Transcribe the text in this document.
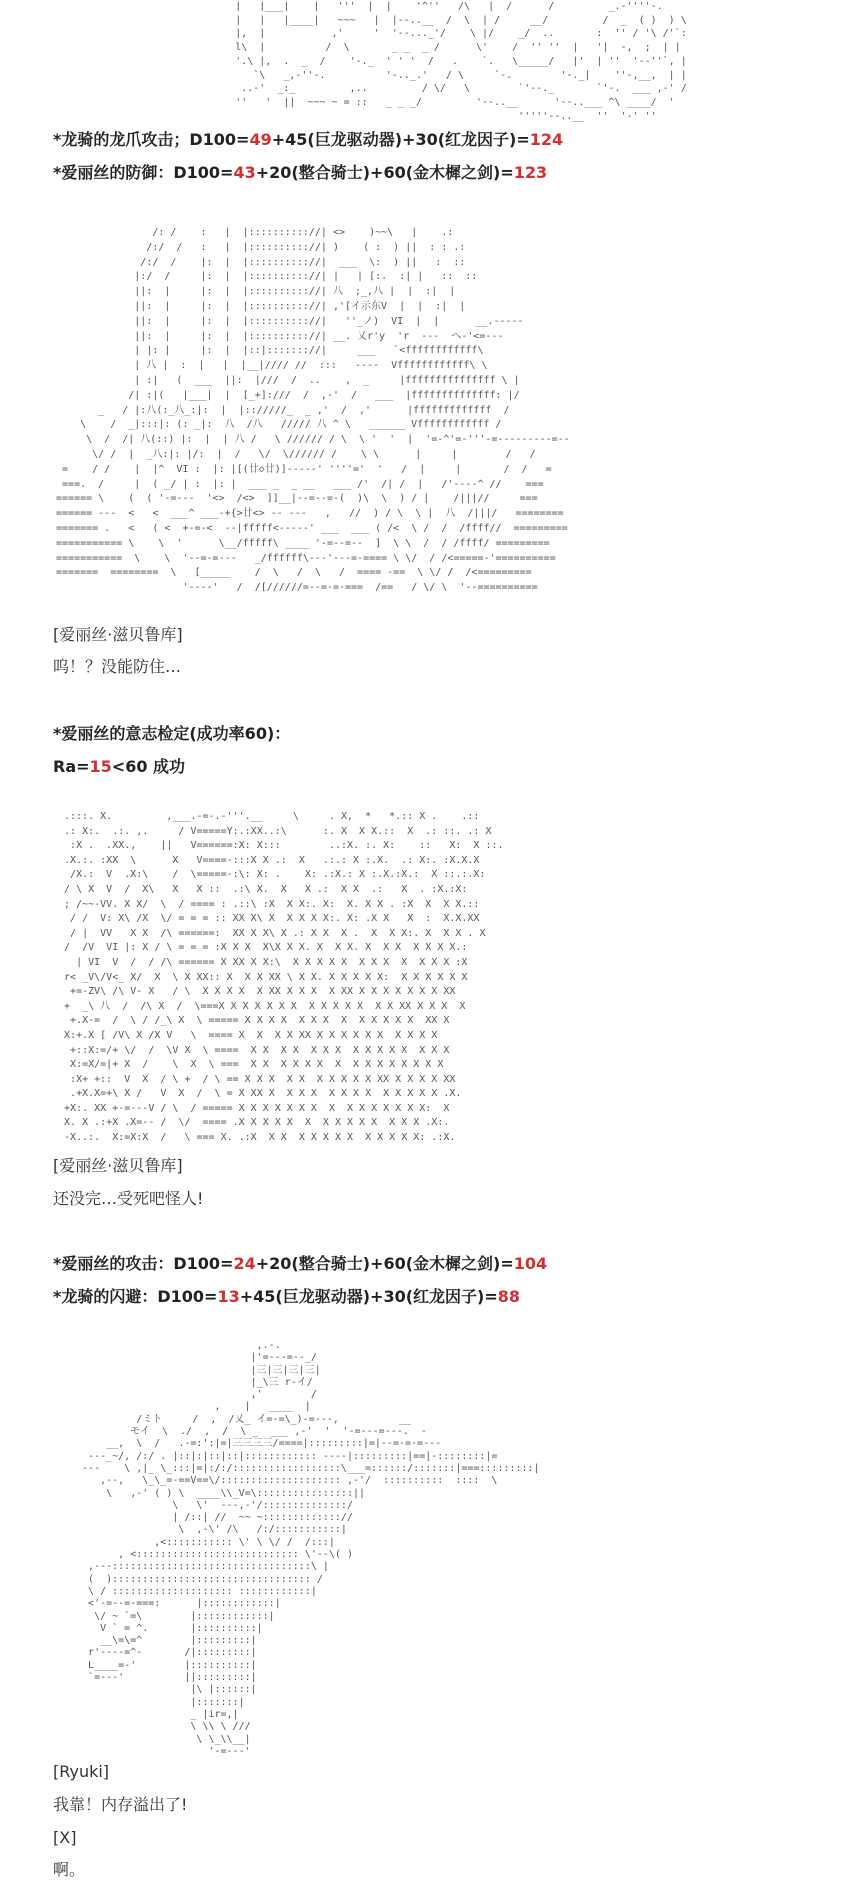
|   |___|    |   '''  |  |    '^''   /\   |  /      /         _.-''''-.
|   |   |____|   ~~~   |  |--..__  /  \  | /     __/         /  _  ( )  ) \
|,  |           ,'     '  '--..._'/    \ |/    _/  ..       :  '' / '\ /'`:
l\  |          /  \       _ _  _ /      \'    /  '' ''  |   '|  -,  ;  | |
'.\ |,  .  _  /    '-._  ' ' '  /   .    `.   \_____/   |'  | ''  '--''`, |
`\   _,-''-.          '-.._.'   / \     `-.        '-._|    ''-,__,  | |
..-'  _:_         ,..         / \/   \        `'--._       `'-.  ___ ,-' /
''   '  ||  ~~~ ~ = ::   _ _ _/         '--..__      '--..___ ^\ ____/  '
'''''--..__  ''  '-' ''
*龙骑的龙爪攻击；D100=49+45(巨龙驱动器)+30(红龙因子)=124
*爱丽丝的防御：D100=43+20(整合骑士)+60(金木樨之剑)=123
/: /    :   |  |:::::::::://| <>    )~~\   |    .:
/:/  /   :   |  |:::::::::://| )    ( :  ) ||  : : .:
/:/  /    |:  |  |:::::::::://|  ___  \:  ) ||   :  ::
|:/  /     |:  |  |:::::::::://| |   | [:.  :| |   ::  ::
||:  |     |:  |  |:::::::::://| 八  ;_,八 |  |  :|  |
||:  |     |:  |  |:::::::::://| ,'[イ示东V  |  |  :|  |
||:  |     |:  |  |:::::::::://|   ''_ノ)  VI  |  |      __.-----
||:  |     |:  |  |:::::::::://| __. 乂r'y  'r  ---  へ-'<=---
| |: |     |:  |  |::|::::::://|     ___   `<ffffffffffff\
| 八 |  :  |   |  |__|//// //  :::   ----  Vffffffffffff\ \
| :|   (  ___  ||:  |///  /  ..    ,  _     |fffffffffffffff \ |
/| :|(   |___|  |  [_+]:///  /  ,-'  /   ___  |ffffffffffffff: |/
_   / |:八(:_八_:|:  |  |:://///_  _ ,'  /  ,'      |fffffffffffff  /
\    /  _|:::|: (: _|:  八  /八   ///// 八 ^ \   ______ Vffffffffffff /
\  /  /| 八(::) |:  |  | 八 /   \ ////// / \  \ '  '  |  '=-^'=-'''-=---------=--
\/ /  |  _八:|: |/:  |  /   \/  \////// /    \ \      |     |        /   /
=    / /    |  |^  VI :  |: |[(廿◇廿)]-----' ''''='  '   /  |     |       /  /   =
===.  /     |  ( _/ | :  |: |  ___ _  _ __   ___ /'  /| /  |   /'----^ //    ===
====== \    (  ( '-=---  '<>  /<>  ]]__|--=--=-(  )\  \  ) / |    /|||//     ===
====== ---  <   <  ___^ ___-+{>廿<> -- ---   ,   //  ) / \  \ |  八  /|||/   ========
======= .   <   ( <  +-=-<  --|fffff<-----' ___  ___ ( /<  \ /  /  /ffff//  =========
=========== \    \  '      \__/fffff\ ____ '-=--=--  ]  \ \  /  / /ffff/ =========
===========  \    \  '--=-=---   _/ffffff\---'---=-==== \ \/  / /<=====-'==========
=======  ========  \   [_____    /  \   /  \   /  ==== -==  \ \/ /  /<=========
'----'   /  /[//////=--=-=-===  /==   / \/ \  '--==========
[爱丽丝·滋贝鲁库]
呜！？没能防住…
*爱丽丝的意志检定(成功率60)：
Ra=15<60 成功
.:::. X.         ,___.-=-.-'''.__     \     . X,  *   *.:: X .    .::
.: X:.  .:. ,.     / V=====Y:.:XX..:\      :. X  X X.::  X  .: ::. .: X
:X .  .XX.,    ||   V======:X: X:::        ..:X. :. X:    ::   X:  X ::.
.X.:. :XX  \      X   V====-:::X X .:  X   .:.: X :.X.  .: X:. :X.X.X
/X.:  V  .X:\    /  \=====-:\: X: .    X: .:X.: X :.X.:X.:  X ::.:.X:
/ \ X  V  /  X\   X   X ::  .:\ X.  X   X .:  X X  .:   X  . :X.:X:
; /~~-VV. X X/  \  / ==== : .::\ :X  X X:. X:  X. X X . :X  X  X X.::
/ /  V: X\ /X  \/ = = = :: XX X\ X  X X X X:. X: .X X   X  :  X.X.XX
/ |  VV   X X  /\ ======:  XX X X\ X .: X X  X .  X  X X:. X  X X . X
/  /V  VI |: X / \ = = = :X X X  X\X X X. X  X X. X  X X  X X X X.:
| VI  V  /  / /\ ====== X XX X X:\  X X X X X  X X X  X  X X X :X
r< _V\/V<_ X/  X  \ X XX:: X  X X XX \ X X. X X X X X:  X X X X X X
+=-ZV\ /\ V- X   / \  X X X X  X XX X X X  X XX X X X X X X X XX
+  _\ 八  /  /\ X  /  \===X X X X X X X  X X X X X  X X XX X X X  X
+.X-=  /  \ / /_\ X  \ ===== X X X X  X X X  X  X X X X X  XX X
X:+.X [ /V\ X /X V   \  ==== X  X  X X XX X X X X X X  X X X X
+::X:=/+ \/  /  \V X  \ ====  X X  X X  X X X  X X X X X  X X X
X:=X/=|+ X  /    \  X  \ ===  X X  X X X X  X  X X X X X X X X
:X+ +::  V  X  / \ +  / \ == X X X  X X  X X X X X XX X X X X XX
.+X.X=+\ X /   V  X  /  \ = X XX X  X X X  X X X X  X X X X X .X.
+X:. XX +-=---V / \  / ===== X X X X X X X  X  X X X X X X X:  X
X. X .:+X .X=-- /  \/  ==== .X X X X X  X  X X X X X  X X X .X:.
-X..:.  X:=X:X  /   \ === X. .:X  X X  X X X X X  X X X X X: .:X.
[爱丽丝·滋贝鲁库]
还没完…受死吧怪人!
*爱丽丝的攻击：D100=24+20(整合骑士)+60(金木樨之剑)=104
*龙骑的闪避：D100=13+45(巨龙驱动器)+30(红龙因子)=88
,.-.
|'=---=--_/
|三|三|三|三|
|_\三 r-イ/
,'        /
,    |   ____  |
/ミト     /  ,  /乂_ イ=-=\_)-=---,          __
モイ  \  ./  ,  /  \ _  ___ ,-'  '  '-=---=---.  -
__,  \  /   .-=:':|=|三三三三/====|:::::::::|=|--=-=-=---
---_~/, /:/ . |::|:|::|::|:::::::::::: ----|:::::::::|==|-::::::::|=
---    \ ,|_ \_:::|=|:/:/::::::::::::::::::\___=::::::/:::::::|===:::::::::|
,--,   \_\_=-==V==\/:::::::::::::::::::: ,-'/  ::::::::::  ::::  \
\   ,-' ( ) \  ____\\_V=\::::::::::::::::||
\   \'  ---,-'/::::::::::::::/
| /::| //  ~~ ~::::::::::::://
\  ,-\' /\   /:/:::::::::::|
,<::::::::::: \' \ \/ /  /:::|
, <::::::::::::::::::::::::::: \'--\( )
,---:::::::::::::::::::::::::::::::::\ |
(  )::::::::::::::::::::::::::::::::: /
\ / :::::::::::::::::::: ::::::::::::|
<'-=--=-===:      |::::::::::::|
\/ ~ `=\        |::::::::::::|
V ` = ^.       |::::::::::|
__\=\=^        |:::::::::|
r'----=^-       /|:::::::::|
L____=-'        |::::::::::|
`=---'          ||:::::::::|
|\ |::::::|
|:::::::|
_ |ir=,|
\ \\ \ ///
\ \_\\__|
'-=---'
[Ryuki]
我靠！内存溢出了!
[X]
啊。
